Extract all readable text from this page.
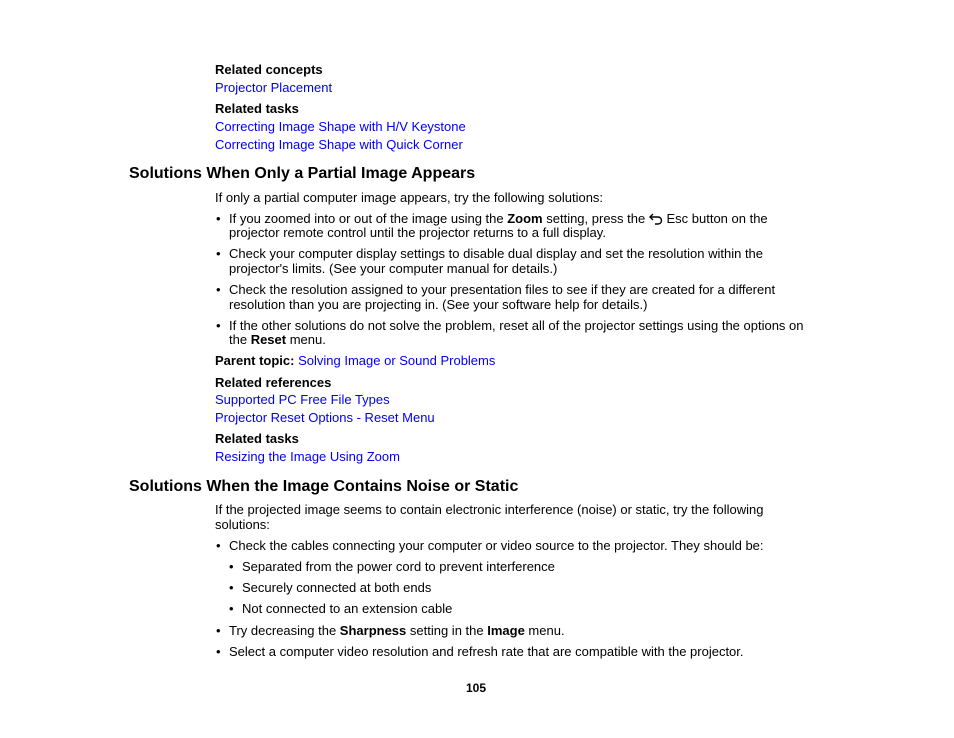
Related concepts
Projector Placement
Related tasks
Correcting Image Shape with H/V Keystone
Correcting Image Shape with Quick Corner
Solutions When Only a Partial Image Appears
If only a partial computer image appears, try the following solutions:
• If you zoomed into or out of the image using the Zoom setting, press the  Esc button on the
projector remote control until the projector returns to a full display.
• Check your computer display settings to disable dual display and set the resolution within the
projector's limits. (See your computer manual for details.)
• Check the resolution assigned to your presentation files to see if they are created for a different
resolution than you are projecting in. (See your software help for details.)
• If the other solutions do not solve the problem, reset all of the projector settings using the options on
the Reset menu.
Parent topic: Solving Image or Sound Problems
Related references
Supported PC Free File Types
Projector Reset Options - Reset Menu
Related tasks
Resizing the Image Using Zoom
Solutions When the Image Contains Noise or Static
If the projected image seems to contain electronic interference (noise) or static, try the following
solutions:
• Check the cables connecting your computer or video source to the projector. They should be:
• Separated from the power cord to prevent interference
• Securely connected at both ends
• Not connected to an extension cable
• Try decreasing the Sharpness setting in the Image menu.
• Select a computer video resolution and refresh rate that are compatible with the projector.
105
